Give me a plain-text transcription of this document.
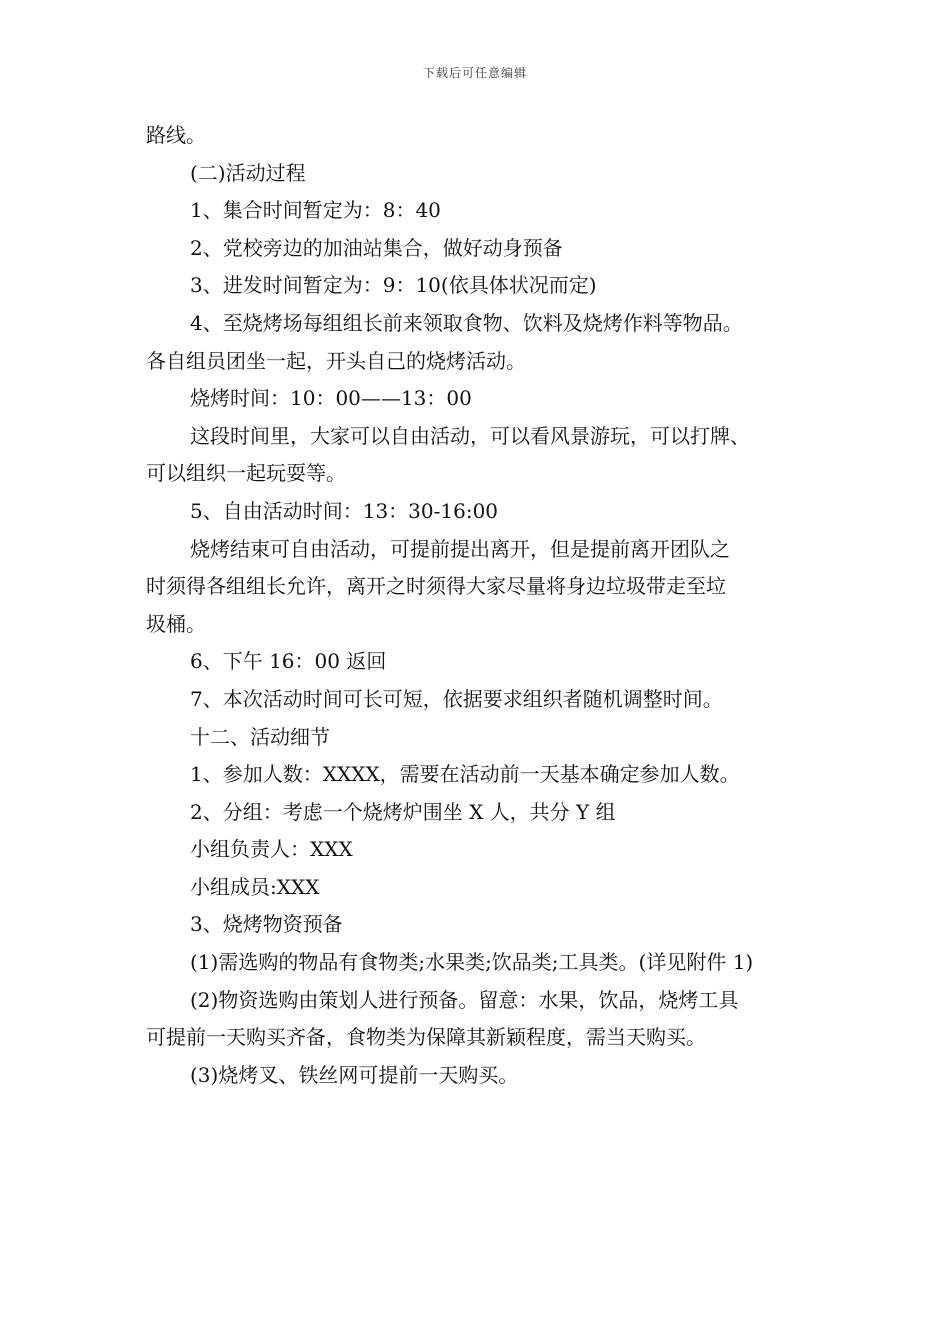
下载后可任意编辑
路线。
(二)活动过程
1、集合时间暂定为：8：40
2、党校旁边的加油站集合，做好动身预备
3、进发时间暂定为：9：10(依具体状况而定)
4、至烧烤场每组组长前来领取食物、饮料及烧烤作料等物品。
各自组员团坐一起，开头自己的烧烤活动。
烧烤时间：10：00——13：00
这段时间里，大家可以自由活动，可以看风景游玩，可以打牌、
可以组织一起玩耍等。
5、自由活动时间：13：30-16:00
烧烤结束可自由活动，可提前提出离开，但是提前离开团队之
时须得各组组长允许，离开之时须得大家尽量将身边垃圾带走至垃
圾桶。
6、下午 16：00 返回
7、本次活动时间可长可短，依据要求组织者随机调整时间。
十二、活动细节
1、参加人数：XXXX，需要在活动前一天基本确定参加人数。
2、分组：考虑一个烧烤炉围坐 X 人，共分 Y 组
小组负责人：XXX
小组成员:XXX
3、烧烤物资预备
(1)需选购的物品有食物类;水果类;饮品类;工具类。(详见附件 1)
(2)物资选购由策划人进行预备。留意：水果，饮品，烧烤工具
可提前一天购买齐备，食物类为保障其新颖程度，需当天购买。
(3)烧烤叉、铁丝网可提前一天购买。
